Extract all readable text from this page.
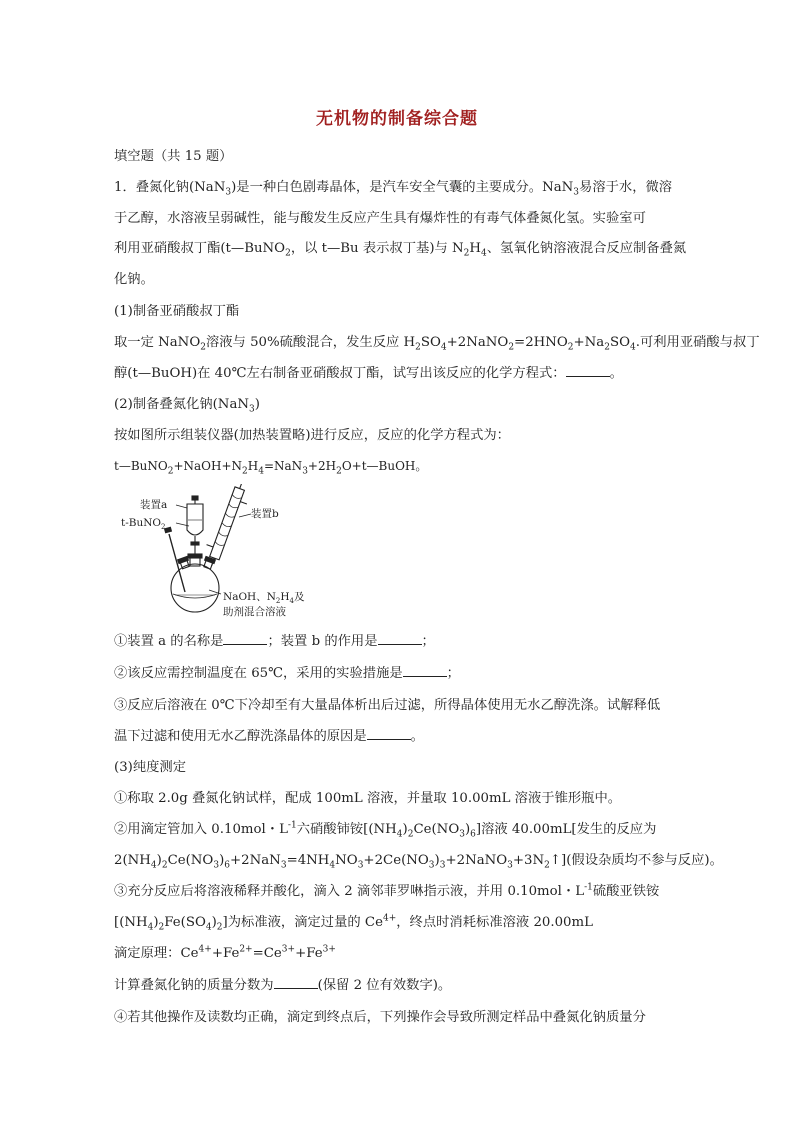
无机物的制备综合题
填空题（共 15 题）
1．叠氮化钠(NaN$_3$)是一种白色剧毒晶体，是汽车安全气囊的主要成分。NaN$_3$易溶于水，微溶
于乙醇，水溶液呈弱碱性，能与酸发生反应产生具有爆炸性的有毒气体叠氮化氢。实验室可
利用亚硝酸叔丁酯(t—BuNO$_2$，以 t—Bu 表示叔丁基)与 $N_2H_4$、氢氧化钠溶液混合反应制备叠氮
化钠。
(1)制备亚硝酸叔丁酯
取一定 NaNO$_2$溶液与 50%硫酸混合，发生反应 $H_2SO_4+2NaNO_2=2HNO_2+Na_2SO_4$.可利用亚硝酸与叔丁
醇(t—BuOH)在 40℃左右制备亚硝酸叔丁酯，试写出该反应的化学方程式：	。
(2)制备叠氮化钠(NaN$_3$)
按如图所示组装仪器(加热装置略)进行反应，反应的化学方程式为：
$t—BuNO_2+NaOH+N_2H_4=NaN_3+2H_2O+t—BuOH$。
装置a
t-BuNO$_2$
装置b
NaOH、$N_2H_4$及
助剂混合溶液
①装置 a 的名称是	；装置 b 的作用是	；
②该反应需控制温度在 65℃，采用的实验措施是	；
③反应后溶液在 0℃下冷却至有大量晶体析出后过滤，所得晶体使用无水乙醇洗涤。试解释低
温下过滤和使用无水乙醇洗涤晶体的原因是	。
(3)纯度测定
①称取 2.0g 叠氮化钠试样，配成 100mL 溶液，并量取 10.00mL 溶液于锥形瓶中。
②用滴定管加入 0.10mol・$L^{-1}$六硝酸铈铵$[(NH_4)_2Ce(NO_3)_6]$溶液 40.00mL[发生的反应为
$2(NH_4)_2Ce(NO_3)_6+2NaN_3=4NH_4NO_3+2Ce(NO_3)_3+2NaNO_3+3N_2↑$](假设杂质均不参与反应)。
③充分反应后将溶液稀释并酸化，滴入 2 滴邻菲罗啉指示液，并用 0.10mol・$L^{-1}$硫酸亚铁铵
$[(NH_4)_2Fe(SO_4)_2]$为标准液，滴定过量的 $Ce^{4+}$，终点时消耗标准溶液 20.00mL
滴定原理：$Ce^{4+}+Fe^{2+}=Ce^{3+}+Fe^{3+}$
计算叠氮化钠的质量分数为	(保留 2 位有效数字)。
④若其他操作及读数均正确，滴定到终点后，下列操作会导致所测定样品中叠氮化钠质量分
